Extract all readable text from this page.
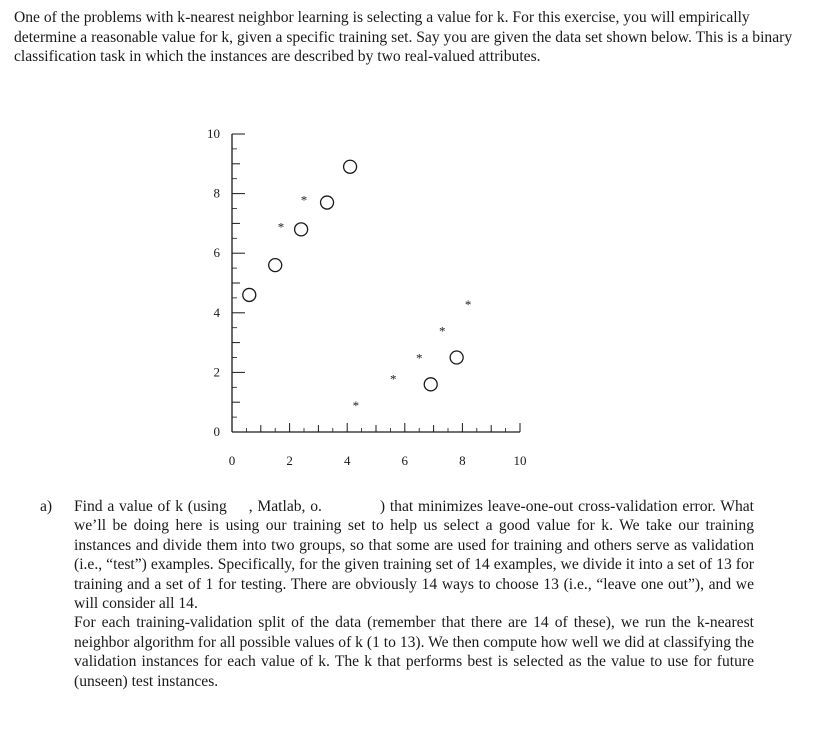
One of the problems with k-nearest neighbor learning is selecting a value for k. For this exercise, you will empirically determine a reasonable value for k, given a specific training set. Say you are given the data set shown below. This is a binary classification task in which the instances are described by two real-valued attributes.

0
2
4
6
8
10
0	2	4	6	8	10
*
*
*
*
*
*
*
a) Find a value of k (using , Matlab, o.	) that minimizes leave-one-out cross-validation error. What we’ll be doing here is using our training set to help us select a good value for k. We take our training instances and divide them into two groups, so that some are used for training and others serve as validation (i.e., “test”) examples. Specifically, for the given training set of 14 examples, we divide it into a set of 13 for training and a set of 1 for testing. There are obviously 14 ways to choose 13 (i.e., “leave one out”), and we will consider all 14.

For each training-validation split of the data (remember that there are 14 of these), we run the k-nearest neighbor algorithm for all possible values of k (1 to 13). We then compute how well we did at classifying the validation instances for each value of k. The k that performs best is selected as the value to use for future (unseen) test instances.
